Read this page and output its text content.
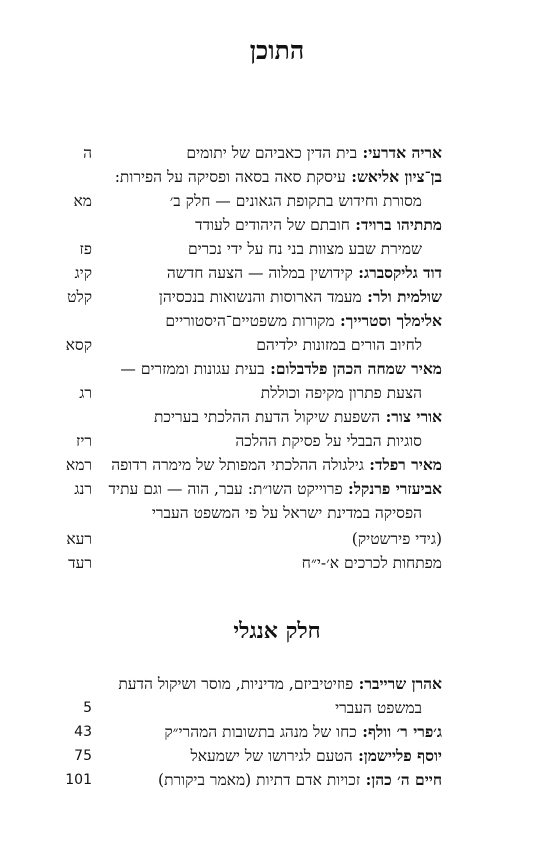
התוכן
אריה אדרעי: בית הדין כאביהם של יתומים
ה
בן־ציון אליאש: עיסקת סאה בסאה ופסיקה על הפירות:
מסורת וחידוש בתקופת הגאונים — חלק ב׳
מא
מתתיהו ברויד: חובתם של היהודים לעודד
שמירת שבע מצוות בני נח על ידי נכרים
פז
דוד גליקסברג: קידושין במלוה — הצעה חדשה
קיג
שולמית ולר: מעמד הארוסות והנשואות בנכסיהן
קלט
אלימלך וסטרייך: מקורות משפטיים־היסטוריים
לחיוב הורים במזונות ילדיהם
קסא
מאיר שמחה הכהן פלדבלום: בעית עגונות וממזרים —
הצעת פתרון מקיפה וכוללת
רג
אורי צור: השפעת שיקול הדעת ההלכתי בעריכת
סוגיות הבבלי על פסיקת ההלכה
ריז
מאיר רפלד: גילגולה ההלכתי המפותל של מימרה רדופה
רמא
אביעזרי פרנקל: פרוייקט השו״ת: עבר, הוה — וגם עתיד
הפסיקה במדינת ישראל על פי המשפט העברי
רנג
(גידי פירשטיק)
רעא
מפתחות לכרכים א׳-י״ח
רעד
חלק אנגלי
אהרן שרייבר: פוזיטיביזם, מדיניות, מוסר ושיקול הדעת
במשפט העברי
5
ג׳פרי ר׳ וולף: כחו של מנהג בתשובות המהרי״ק
43
יוסף פליישמן: הטעם לגירושו של ישמעאל
75
חיים ה׳ כהן: זכויות אדם דתיות (מאמר ביקורת)
101
